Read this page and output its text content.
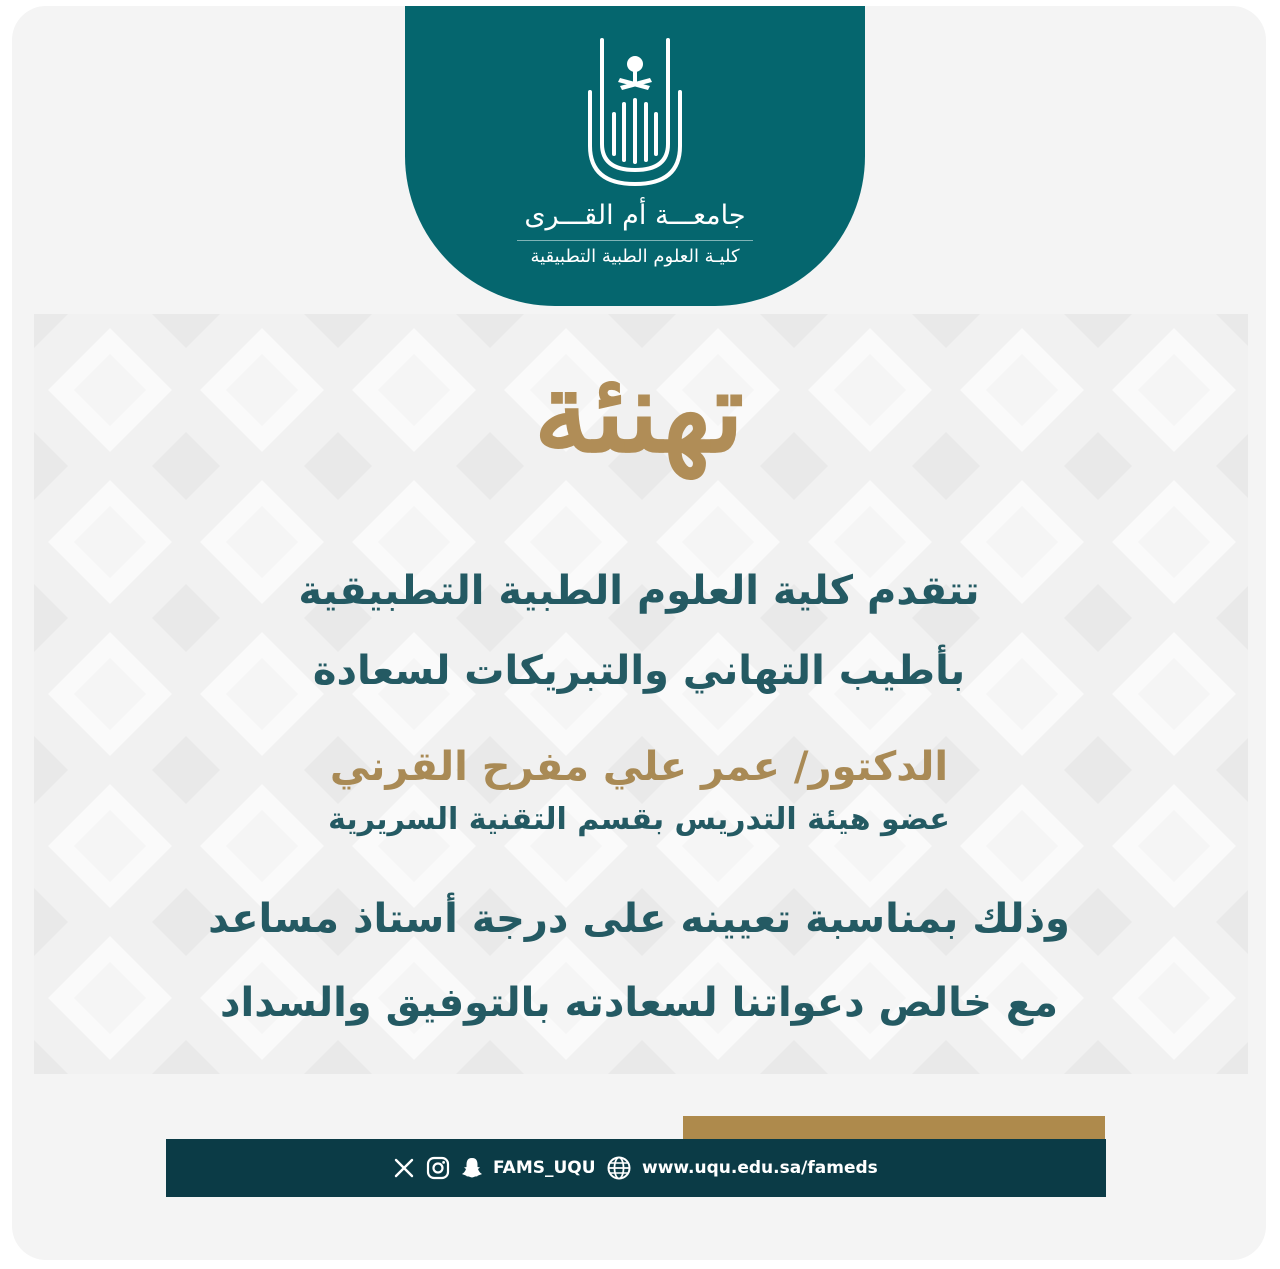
جامعـــة أم القـــرى
كليـة العلوم الطبية التطبيقية
تهنئة
تتقدم كلية العلوم الطبية التطبيقية
بأطيب التهاني والتبريكات لسعادة
الدكتور/ عمر علي مفرح القرني
عضو هيئة التدريس بقسم التقنية السريرية
وذلك بمناسبة تعيينه على درجة أستاذ مساعد
مع خالص دعواتنا لسعادته بالتوفيق والسداد
FAMS_UQU	www.uqu.edu.sa/fameds
